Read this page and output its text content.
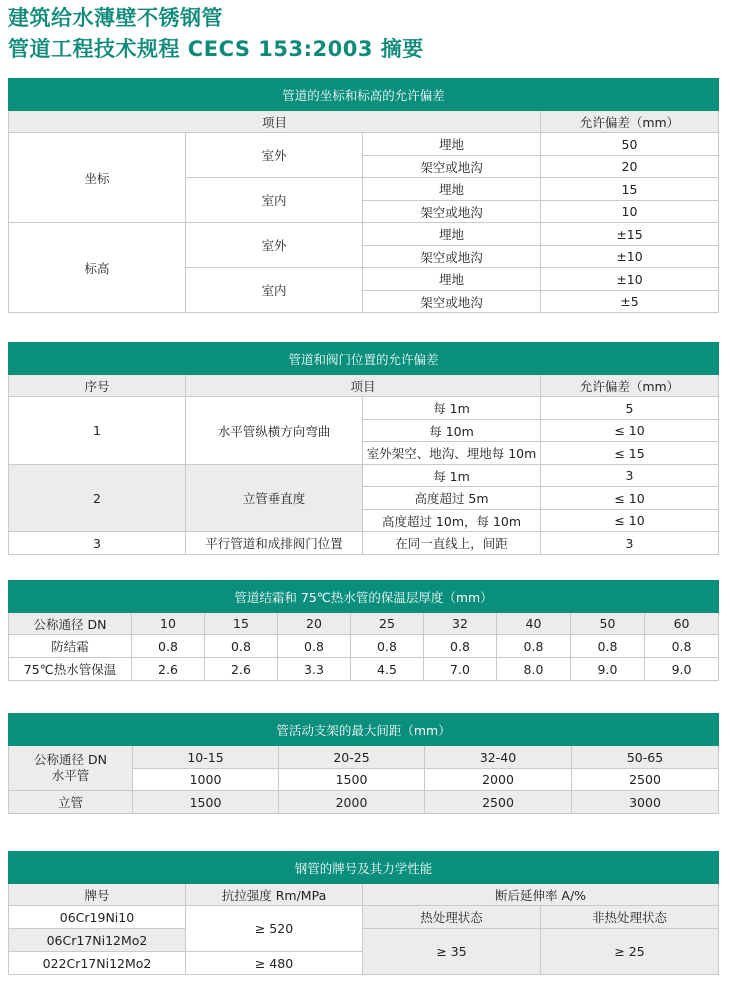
建筑给水薄壁不锈钢管
管道工程技术规程 CECS 153:2003 摘要
管道的坐标和标高的允许偏差			
项目			允许偏差（mm）
坐标	室外	埋地	50
		架空或地沟	20
	室内	埋地	15
		架空或地沟	10
标高	室外	埋地	±15
		架空或地沟	±10
	室内	埋地	±10
		架空或地沟	±5
管道和阀门位置的允许偏差			
序号	项目		允许偏差（mm）
1	水平管纵横方向弯曲	每 1m	5
		每 10m	≤ 10
		室外架空、地沟、埋地每 10m	≤ 15
2	立管垂直度	每 1m	3
		高度超过 5m	≤ 10
		高度超过 10m，每 10m	≤ 10
3	平行管道和成排阀门位置	在同一直线上，间距	3
管道结霜和 75℃热水管的保温层厚度（mm）								
公称通径 DN	10	15	20	25	32	40	50	60
防结霜	0.8	0.8	0.8	0.8	0.8	0.8	0.8	0.8
75℃热水管保温	2.6	2.6	3.3	4.5	7.0	8.0	9.0	9.0
管活动支架的最大间距（mm）				
公称通径 DN
水平管	10-15	20-25	32-40	50-65
	1000	1500	2000	2500
立管	1500	2000	2500	3000
钢管的牌号及其力学性能			
牌号	抗拉强度 Rm/MPa	断后延伸率 A/%	
06Cr19Ni10	≥ 520	热处理状态	非热处理状态
06Cr17Ni12Mo2		≥ 35	≥ 25
022Cr17Ni12Mo2	≥ 480		
